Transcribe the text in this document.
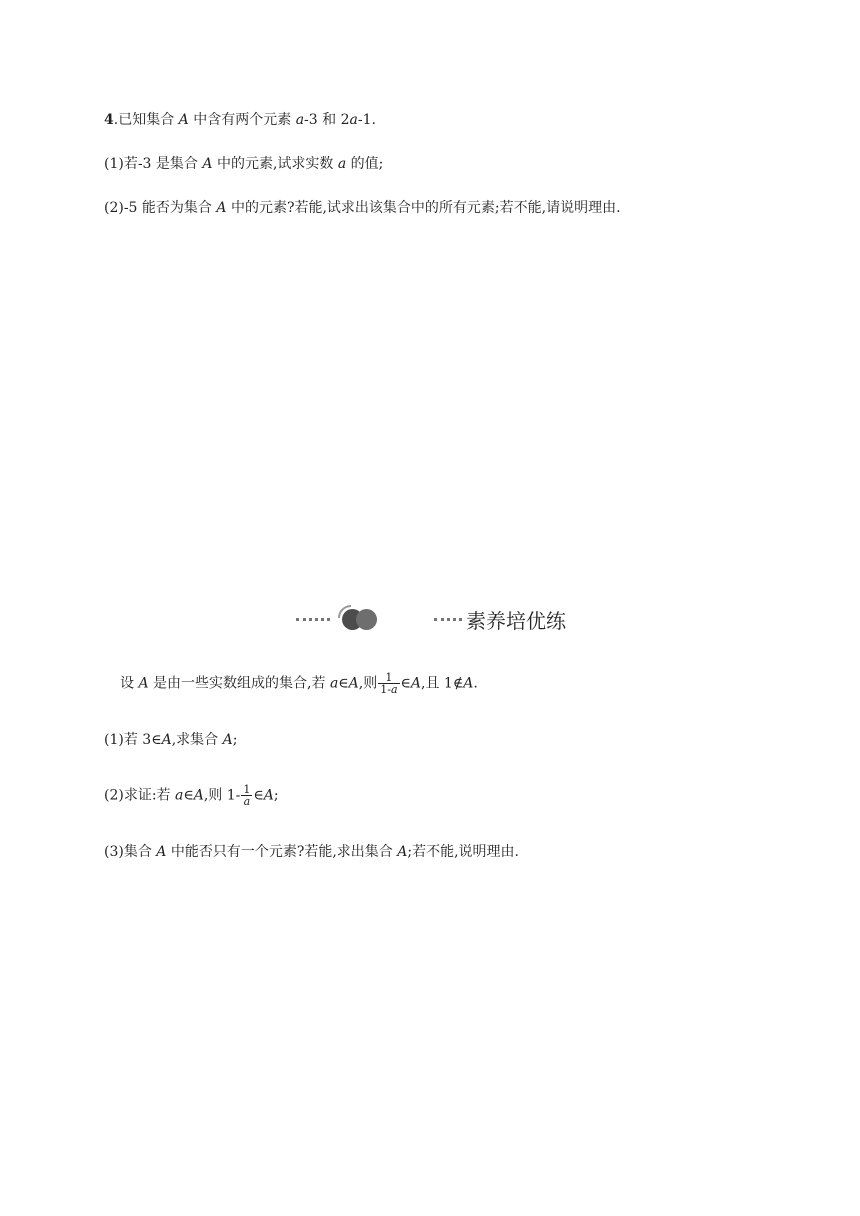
4.已知集合 A 中含有两个元素 a-3 和 2a-1.
(1)若-3 是集合 A 中的元素,试求实数 a 的值;
(2)-5 能否为集合 A 中的元素?若能,试求出该集合中的所有元素;若不能,请说明理由.
素养培优练
设 A 是由一些实数组成的集合,若 a∈A,则 $\frac{1}{1-a}$ ∈A,且 1∉A.
(1)若 3∈A,求集合 A;
(2)求证:若 a∈A,则 $1- \frac{1}{a}$ ∈A;
(3)集合 A 中能否只有一个元素?若能,求出集合 A;若不能,说明理由.
